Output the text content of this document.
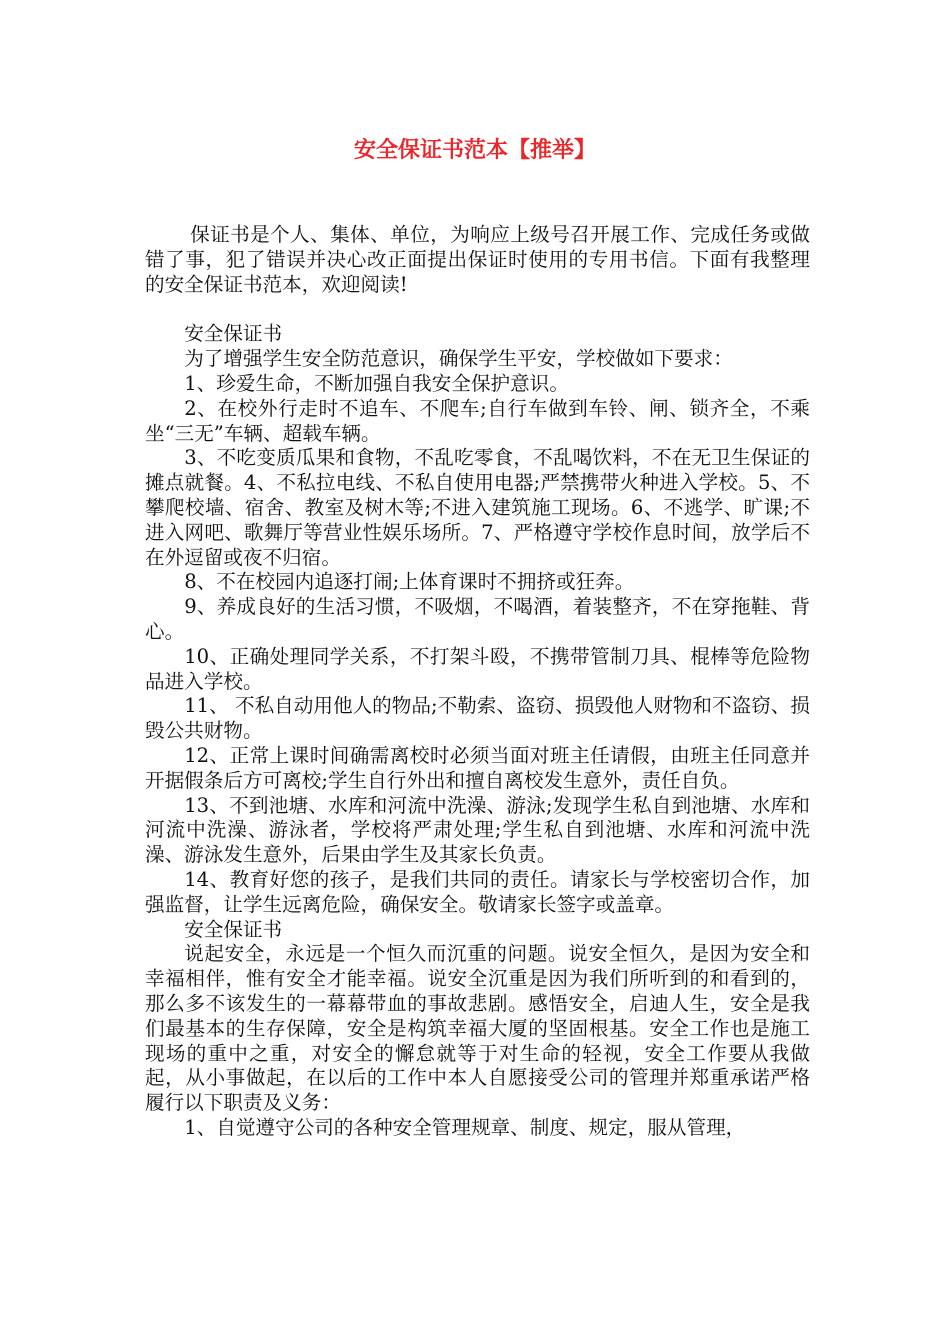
安全保证书范本【推举】

保证书是个人、集体、单位，为响应上级号召开展工作、完成任务或做错了事，犯了错误并决心改正面提出保证时使用的专用书信。下面有我整理的安全保证书范本，欢迎阅读!

安全保证书

为了增强学生安全防范意识，确保学生平安，学校做如下要求：

1、珍爱生命，不断加强自我安全保护意识。

2、在校外行走时不追车、不爬车;自行车做到车铃、闸、锁齐全，不乘坐“三无”车辆、超载车辆。

3、不吃变质瓜果和食物，不乱吃零食，不乱喝饮料，不在无卫生保证的摊点就餐。4、不私拉电线、不私自使用电器;严禁携带火种进入学校。5、不攀爬校墙、宿舍、教室及树木等;不进入建筑施工现场。6、不逃学、旷课;不进入网吧、歌舞厅等营业性娱乐场所。7、严格遵守学校作息时间，放学后不在外逗留或夜不归宿。

8、不在校园内追逐打闹;上体育课时不拥挤或狂奔。

9、养成良好的生活习惯，不吸烟，不喝酒，着装整齐，不在穿拖鞋、背心。

10、正确处理同学关系，不打架斗殴，不携带管制刀具、棍棒等危险物品进入学校。

11、 不私自动用他人的物品;不勒索、盗窃、损毁他人财物和不盗窃、损毁公共财物。

12、正常上课时间确需离校时必须当面对班主任请假，由班主任同意并开据假条后方可离校;学生自行外出和擅自离校发生意外，责任自负。

13、不到池塘、水库和河流中洗澡、游泳;发现学生私自到池塘、水库和河流中洗澡、游泳者，学校将严肃处理;学生私自到池塘、水库和河流中洗澡、游泳发生意外，后果由学生及其家长负责。

14、教育好您的孩子，是我们共同的责任。请家长与学校密切合作，加强监督，让学生远离危险，确保安全。敬请家长签字或盖章。

安全保证书

说起安全，永远是一个恒久而沉重的问题。说安全恒久，是因为安全和幸福相伴，惟有安全才能幸福。说安全沉重是因为我们所听到的和看到的，那么多不该发生的一幕幕带血的事故悲剧。感悟安全，启迪人生，安全是我们最基本的生存保障，安全是构筑幸福大厦的坚固根基。安全工作也是施工现场的重中之重，对安全的懈怠就等于对生命的轻视，安全工作要从我做起，从小事做起，在以后的工作中本人自愿接受公司的管理并郑重承诺严格履行以下职责及义务：

1、自觉遵守公司的各种安全管理规章、制度、规定，服从管理，
